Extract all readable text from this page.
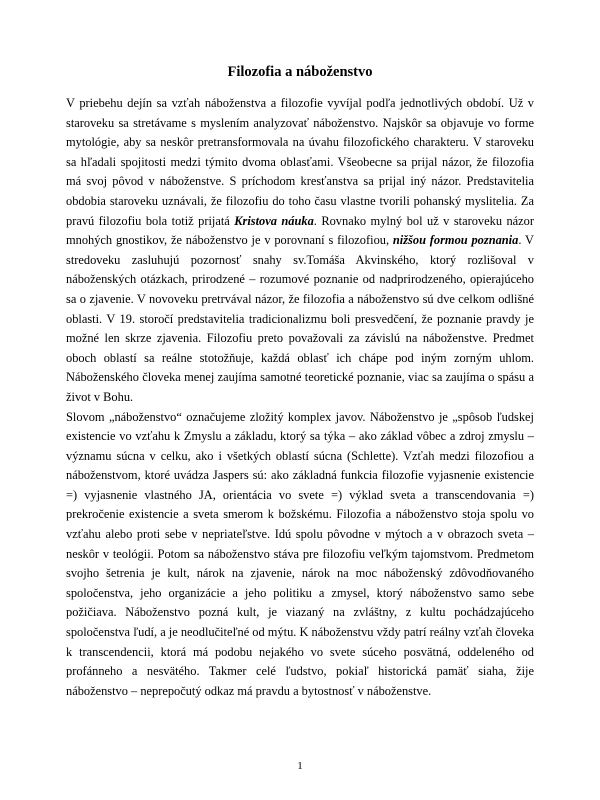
Filozofia a náboženstvo

V priebehu dejín sa vzťah náboženstva a filozofie vyvíjal podľa jednotlivých období. Už v staroveku sa stretávame s myslením analyzovať náboženstvo. Najskôr sa objavuje vo forme mytológie, aby sa neskôr pretransformovala na úvahu filozofického charakteru. V staroveku sa hľadali spojitosti medzi týmito dvoma oblasťami. Všeobecne sa prijal názor, že filozofia má svoj pôvod v náboženstve. S príchodom kresťanstva sa prijal iný názor. Predstavitelia obdobia staroveku uznávali, že filozofiu do toho času vlastne tvorili pohanský myslitelia. Za pravú filozofiu bola totiž prijatá Kristova náuka. Rovnako mylný bol už v staroveku názor mnohých gnostikov, že náboženstvo je v porovnaní s filozofiou, nižšou formou poznania. V stredoveku zasluhujú pozornosť snahy sv.Tomáša Akvinského, ktorý rozlišoval v náboženských otázkach, prirodzené – rozumové poznanie od nadprirodzeného, opierajúceho sa o zjavenie. V novoveku pretrvával názor, že filozofia a náboženstvo sú dve celkom odlišné oblasti. V 19. storočí predstavitelia tradicionalizmu boli presvedčení, že poznanie pravdy je možné len skrze zjavenia. Filozofiu preto považovali za závislú na náboženstve. Predmet oboch oblastí sa reálne stotožňuje, každá oblasť ich chápe pod iným zorným uhlom. Náboženského človeka menej zaujíma samotné teoretické poznanie, viac sa zaujíma o spásu a život v Bohu.

Slovom „náboženstvo“ označujeme zložitý komplex javov. Náboženstvo je „spôsob ľudskej existencie vo vzťahu k Zmyslu a základu, ktorý sa týka – ako základ vôbec a zdroj zmyslu – významu súcna v celku, ako i všetkých oblastí súcna (Schlette). Vzťah medzi filozofiou a náboženstvom, ktoré uvádza Jaspers sú: ako základná funkcia filozofie vyjasnenie existencie =) vyjasnenie vlastného JA, orientácia vo svete =) výklad sveta a transcendovania =) prekročenie existencie a sveta smerom k božskému. Filozofia a náboženstvo stoja spolu vo vzťahu alebo proti sebe v nepriateľstve. Idú spolu pôvodne v mýtoch a v obrazoch sveta – neskôr v teológii. Potom sa náboženstvo stáva pre filozofiu veľkým tajomstvom. Predmetom svojho šetrenia je kult, nárok na zjavenie, nárok na moc náboženský zdôvodňovaného spoločenstva, jeho organizácie a jeho politiku a zmysel, ktorý náboženstvo samo sebe požičiava. Náboženstvo pozná kult, je viazaný na zvláštny, z kultu pochádzajúceho spoločenstva ľudí, a je neodlučiteľné od mýtu. K náboženstvu vždy patrí reálny vzťah človeka k transcendencii, ktorá má podobu nejakého vo svete súceho posvätná, oddeleného od profánneho a nesvätého. Takmer celé ľudstvo, pokiaľ historická pamäť siaha, žije náboženstvo – neprepočutý odkaz má pravdu a bytostnosť v náboženstve.

1
